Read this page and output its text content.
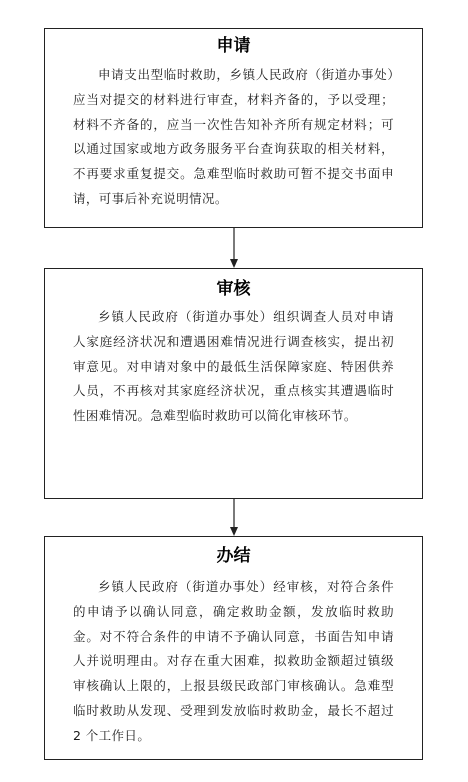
申请
申请支出型临时救助，乡镇人民政府（街道办事处）应当对提交的材料进行审查，材料齐备的，予以受理；材料不齐备的，应当一次性告知补齐所有规定材料；可以通过国家或地方政务服务平台查询获取的相关材料，不再要求重复提交。急难型临时救助可暂不提交书面申请，可事后补充说明情况。
审核
乡镇人民政府（街道办事处）组织调查人员对申请人家庭经济状况和遭遇困难情况进行调查核实，提出初审意见。对申请对象中的最低生活保障家庭、特困供养人员，不再核对其家庭经济状况，重点核实其遭遇临时性困难情况。急难型临时救助可以简化审核环节。
办结
乡镇人民政府（街道办事处）经审核，对符合条件的申请予以确认同意，确定救助金额，发放临时救助金。对不符合条件的申请不予确认同意，书面告知申请人并说明理由。对存在重大困难，拟救助金额超过镇级审核确认上限的，上报县级民政部门审核确认。急难型临时救助从发现、受理到发放临时救助金，最长不超过 2 个工作日。
